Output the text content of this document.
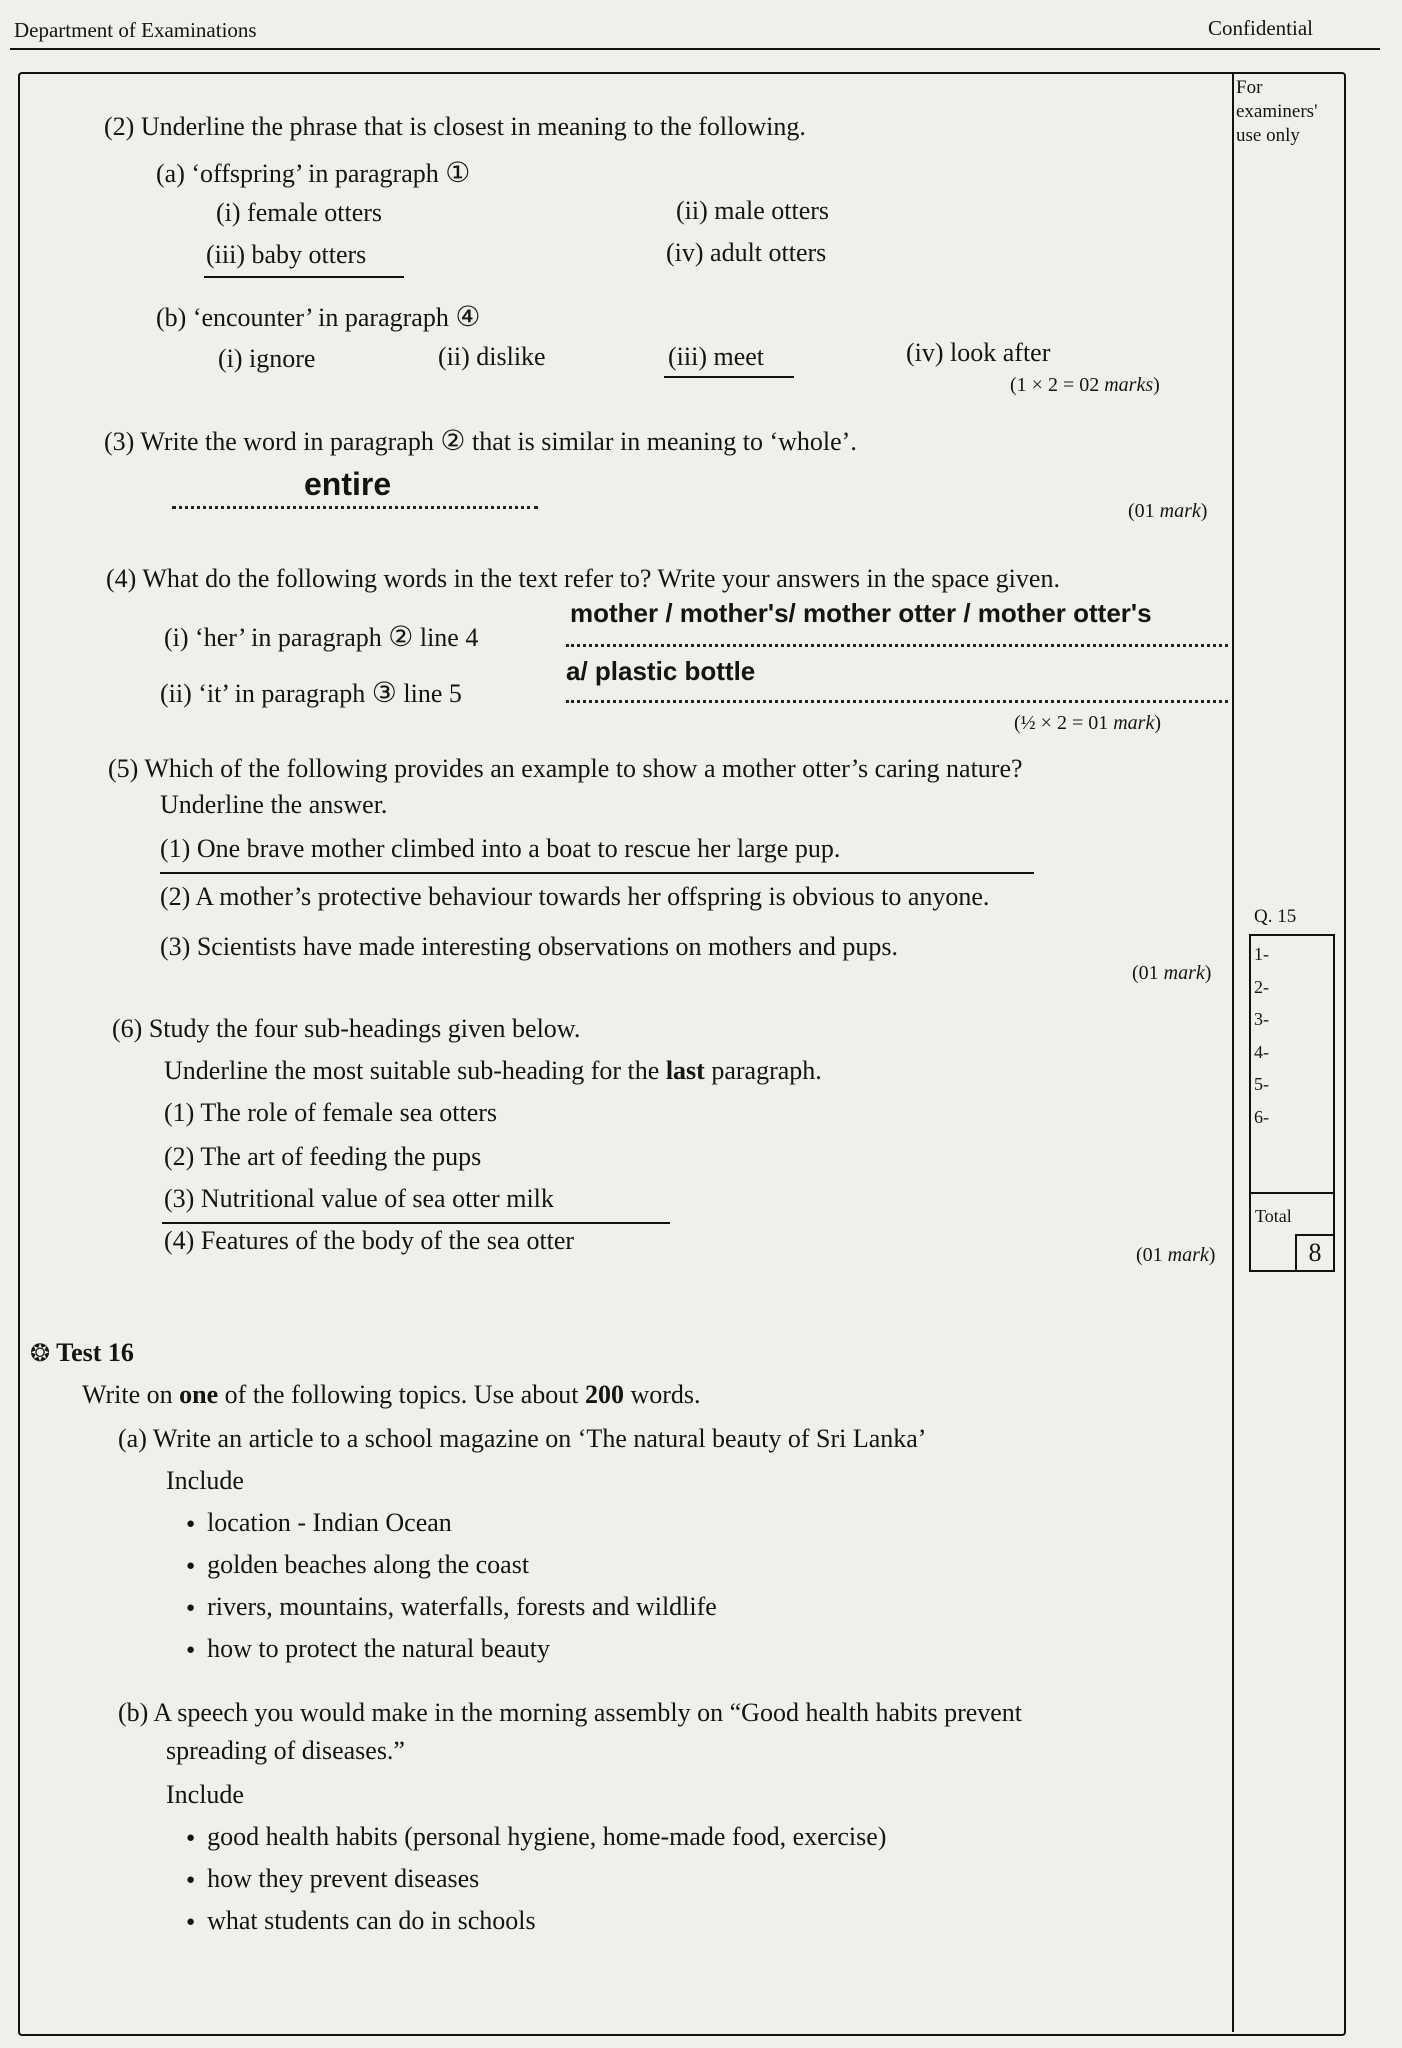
Department of Examinations	Confidential
For examiners' use only
Q. 15
1-
2-
3-
4-
5-
6-
Total
8
(2) Underline the phrase that is closest in meaning to the following.
(a) ‘offspring’ in paragraph ①
(i) female otters	(ii) male otters
(iii) baby otters	(iv) adult otters
(b) ‘encounter’ in paragraph ④
(i) ignore	(ii) dislike	(iii) meet	(iv) look after
(1 × 2 = 02 marks)
(3) Write the word in paragraph ② that is similar in meaning to ‘whole’.
entire
(01 mark)
(4) What do the following words in the text refer to? Write your answers in the space given.
(i) ‘her’ in paragraph ② line 4
mother / mother's/ mother otter / mother otter's
(ii) ‘it’ in paragraph ③ line 5
a/ plastic bottle
(½ × 2 = 01 mark)
(5) Which of the following provides an example to show a mother otter’s caring nature?
Underline the answer.
(1) One brave mother climbed into a boat to rescue her large pup.
(2) A mother’s protective behaviour towards her offspring is obvious to anyone.
(3) Scientists have made interesting observations on mothers and pups.
(01 mark)
(6) Study the four sub-headings given below.
Underline the most suitable sub-heading for the last paragraph.
(1) The role of female sea otters
(2) The art of feeding the pups
(3) Nutritional value of sea otter milk
(4) Features of the body of the sea otter	(01 mark)
❂ Test 16
Write on one of the following topics. Use about 200 words.
(a) Write an article to a school magazine on ‘The natural beauty of Sri Lanka’
Include
● location - Indian Ocean
● golden beaches along the coast
● rivers, mountains, waterfalls, forests and wildlife
● how to protect the natural beauty
(b) A speech you would make in the morning assembly on “Good health habits prevent
spreading of diseases.”
Include
● good health habits (personal hygiene, home-made food, exercise)
● how they prevent diseases
● what students can do in schools
